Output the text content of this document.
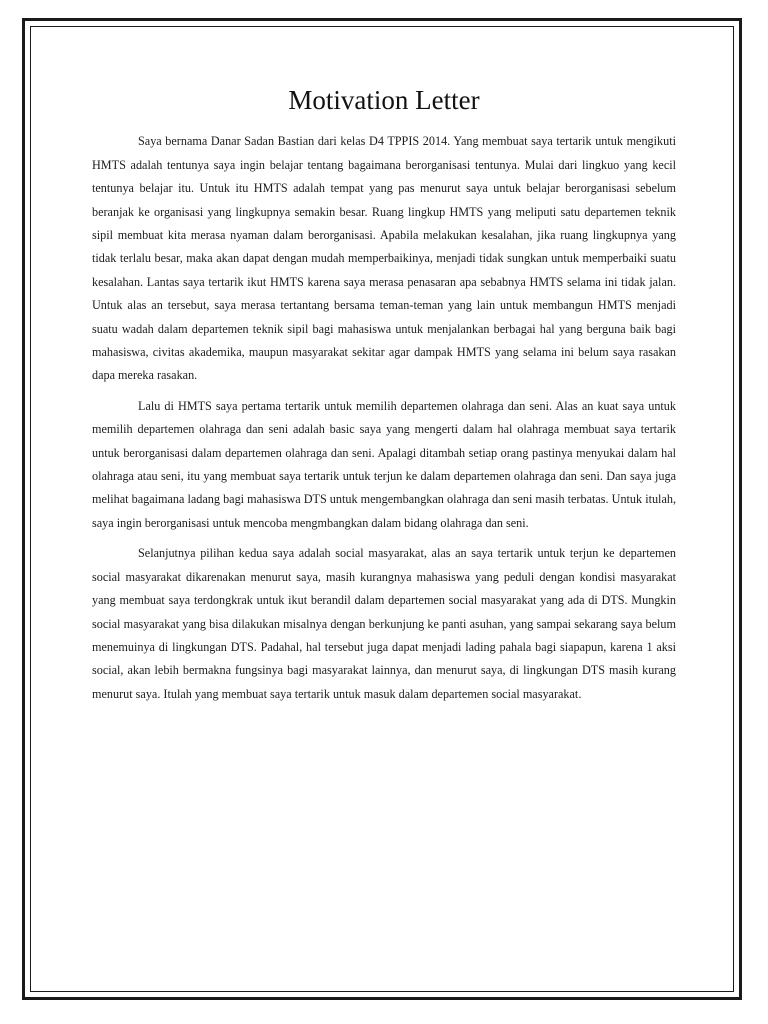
Motivation Letter

Saya bernama Danar Sadan Bastian dari kelas D4 TPPIS 2014. Yang membuat saya tertarik untuk mengikuti HMTS adalah tentunya saya ingin belajar tentang bagaimana berorganisasi tentunya. Mulai dari lingkuo yang kecil tentunya belajar itu. Untuk itu HMTS adalah tempat yang pas menurut saya untuk belajar berorganisasi sebelum beranjak ke organisasi yang lingkupnya semakin besar. Ruang lingkup HMTS yang meliputi satu departemen teknik sipil membuat kita merasa nyaman dalam berorganisasi. Apabila melakukan kesalahan, jika ruang lingkupnya yang tidak terlalu besar, maka akan dapat dengan mudah memperbaikinya, menjadi tidak sungkan untuk memperbaiki suatu kesalahan. Lantas saya tertarik ikut HMTS karena saya merasa penasaran apa sebabnya HMTS selama ini tidak jalan. Untuk alas an tersebut, saya merasa tertantang bersama teman-teman yang lain untuk membangun HMTS menjadi suatu wadah dalam departemen teknik sipil bagi mahasiswa untuk menjalankan berbagai hal yang berguna baik bagi mahasiswa, civitas akademika, maupun masyarakat sekitar agar dampak HMTS yang selama ini belum saya rasakan dapa mereka rasakan.

Lalu di HMTS saya pertama tertarik untuk memilih departemen olahraga dan seni. Alas an kuat saya untuk memilih departemen olahraga dan seni adalah basic saya yang mengerti dalam hal olahraga membuat saya tertarik untuk berorganisasi dalam departemen olahraga dan seni. Apalagi ditambah setiap orang pastinya menyukai dalam hal olahraga atau seni, itu yang membuat saya tertarik untuk terjun ke dalam departemen olahraga dan seni. Dan saya juga melihat bagaimana ladang bagi mahasiswa DTS untuk mengembangkan olahraga dan seni masih terbatas. Untuk itulah, saya ingin berorganisasi untuk mencoba mengmbangkan dalam bidang olahraga dan seni.

Selanjutnya pilihan kedua saya adalah social masyarakat, alas an saya tertarik untuk terjun ke departemen social masyarakat dikarenakan menurut saya, masih kurangnya mahasiswa yang peduli dengan kondisi masyarakat yang membuat saya terdongkrak untuk ikut berandil dalam departemen social masyarakat yang ada di DTS. Mungkin social masyarakat yang bisa dilakukan misalnya dengan berkunjung ke panti asuhan, yang sampai sekarang saya belum menemuinya di lingkungan DTS. Padahal, hal tersebut juga dapat menjadi lading pahala bagi siapapun, karena 1 aksi social, akan lebih bermakna fungsinya bagi masyarakat lainnya, dan menurut saya, di lingkungan DTS masih kurang menurut saya. Itulah yang membuat saya tertarik untuk masuk dalam departemen social masyarakat.
